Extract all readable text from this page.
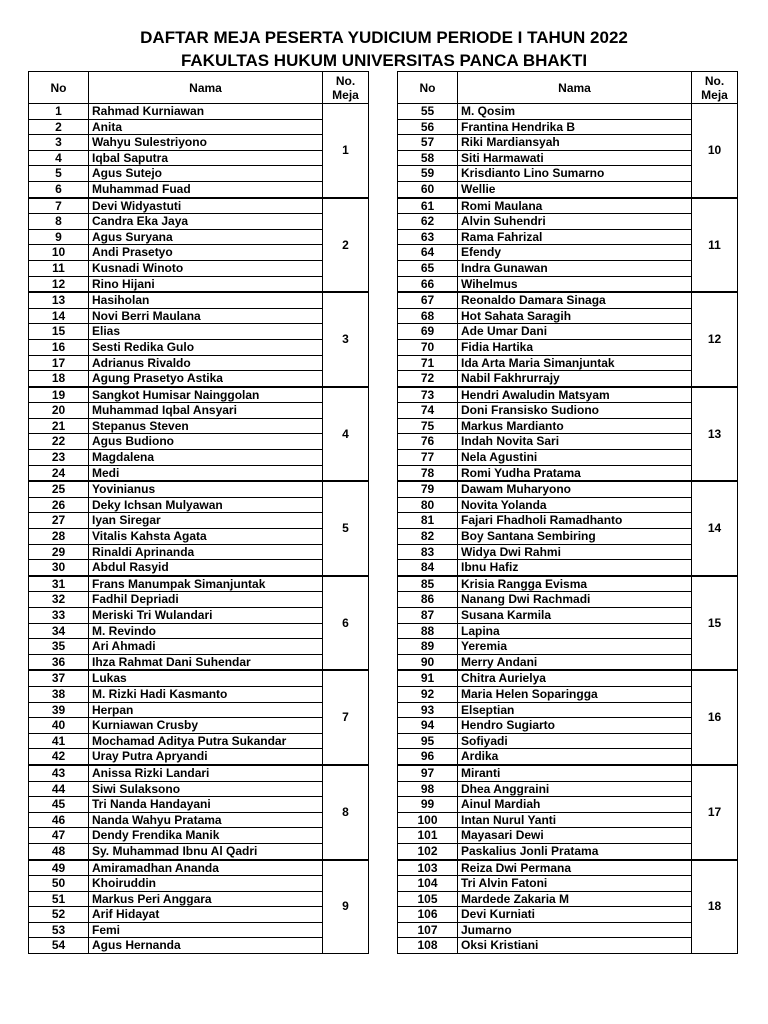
DAFTAR MEJA PESERTA YUDICIUM PERIODE I TAHUN 2022
FAKULTAS HUKUM UNIVERSITAS PANCA BHAKTI
No	Nama	No.
Meja
1	Rahmad Kurniawan	1
2	Anita	
3	Wahyu Sulestriyono	
4	Iqbal Saputra	
5	Agus Sutejo	
6	Muhammad Fuad	
7	Devi Widyastuti	2
8	Candra Eka Jaya	
9	Agus Suryana	
10	Andi Prasetyo	
11	Kusnadi Winoto	
12	Rino Hijani	
13	Hasiholan	3
14	Novi Berri Maulana	
15	Elias	
16	Sesti Redika Gulo	
17	Adrianus Rivaldo	
18	Agung Prasetyo Astika	
19	Sangkot Humisar Nainggolan	4
20	Muhammad Iqbal Ansyari	
21	Stepanus Steven	
22	Agus Budiono	
23	Magdalena	
24	Medi	
25	Yovinianus	5
26	Deky Ichsan Mulyawan	
27	Iyan Siregar	
28	Vitalis Kahsta Agata	
29	Rinaldi Aprinanda	
30	Abdul Rasyid	
31	Frans Manumpak Simanjuntak	6
32	Fadhil Depriadi	
33	Meriski Tri Wulandari	
34	M. Revindo	
35	Ari Ahmadi	
36	Ihza Rahmat Dani Suhendar	
37	Lukas	7
38	M. Rizki Hadi Kasmanto	
39	Herpan	
40	Kurniawan Crusby	
41	Mochamad Aditya Putra Sukandar	
42	Uray Putra Apryandi	
43	Anissa Rizki Landari	8
44	Siwi Sulaksono	
45	Tri Nanda Handayani	
46	Nanda Wahyu Pratama	
47	Dendy Frendika Manik	
48	Sy. Muhammad Ibnu Al Qadri	
49	Amiramadhan Ananda	9
50	Khoiruddin	
51	Markus Peri Anggara	
52	Arif Hidayat	
53	Femi	
54	Agus Hernanda	
No	Nama	No.
Meja
55	M. Qosim	10
56	Frantina Hendrika B	
57	Riki Mardiansyah	
58	Siti Harmawati	
59	Krisdianto Lino Sumarno	
60	Wellie	
61	Romi Maulana	11
62	Alvin Suhendri	
63	Rama Fahrizal	
64	Efendy	
65	Indra Gunawan	
66	Wihelmus	
67	Reonaldo Damara Sinaga	12
68	Hot Sahata Saragih	
69	Ade Umar Dani	
70	Fidia Hartika	
71	Ida Arta Maria Simanjuntak	
72	Nabil Fakhrurrajy	
73	Hendri Awaludin Matsyam	13
74	Doni Fransisko Sudiono	
75	Markus Mardianto	
76	Indah Novita Sari	
77	Nela Agustini	
78	Romi Yudha Pratama	
79	Dawam Muharyono	14
80	Novita Yolanda	
81	Fajari Fhadholi Ramadhanto	
82	Boy Santana Sembiring	
83	Widya Dwi Rahmi	
84	Ibnu Hafiz	
85	Krisia Rangga Evisma	15
86	Nanang Dwi Rachmadi	
87	Susana Karmila	
88	Lapina	
89	Yeremia	
90	Merry Andani	
91	Chitra Aurielya	16
92	Maria Helen Soparingga	
93	Elseptian	
94	Hendro Sugiarto	
95	Sofiyadi	
96	Ardika	
97	Miranti	17
98	Dhea Anggraini	
99	Ainul Mardiah	
100	Intan Nurul Yanti	
101	Mayasari Dewi	
102	Paskalius Jonli Pratama	
103	Reiza Dwi Permana	18
104	Tri Alvin Fatoni	
105	Mardede Zakaria M	
106	Devi Kurniati	
107	Jumarno	
108	Oksi Kristiani	
